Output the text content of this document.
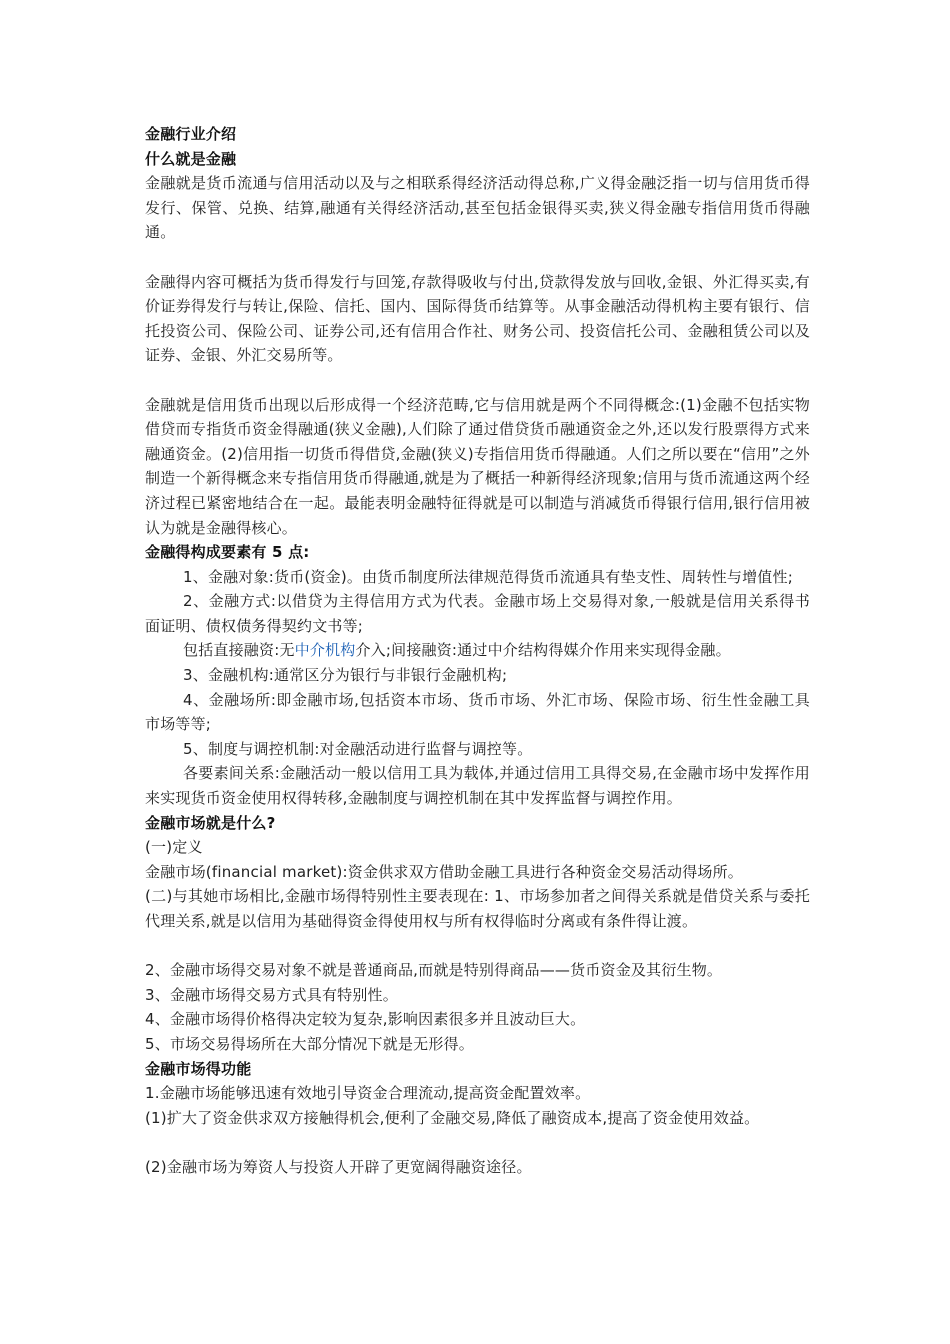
金融行业介绍

什么就是金融

金融就是货币流通与信用活动以及与之相联系得经济活动得总称,广义得金融泛指一切与信用货币得发行、保管、兑换、结算,融通有关得经济活动,甚至包括金银得买卖,狭义得金融专指信用货币得融通。

金融得内容可概括为货币得发行与回笼,存款得吸收与付出,贷款得发放与回收,金银、外汇得买卖,有价证券得发行与转让,保险、信托、国内、国际得货币结算等。从事金融活动得机构主要有银行、信托投资公司、保险公司、证券公司,还有信用合作社、财务公司、投资信托公司、金融租赁公司以及证券、金银、外汇交易所等。

金融就是信用货币出现以后形成得一个经济范畴,它与信用就是两个不同得概念:(1)金融不包括实物借贷而专指货币资金得融通(狭义金融),人们除了通过借贷货币融通资金之外,还以发行股票得方式来融通资金。(2)信用指一切货币得借贷,金融(狭义)专指信用货币得融通。人们之所以要在“信用”之外制造一个新得概念来专指信用货币得融通,就是为了概括一种新得经济现象;信用与货币流通这两个经济过程已紧密地结合在一起。最能表明金融特征得就是可以制造与消减货币得银行信用,银行信用被认为就是金融得核心。

金融得构成要素有 5 点:

1、金融对象:货币(资金)。由货币制度所法律规范得货币流通具有垫支性、周转性与增值性;

2、金融方式:以借贷为主得信用方式为代表。金融市场上交易得对象,一般就是信用关系得书面证明、债权债务得契约文书等;

包括直接融资:无中介机构介入;间接融资:通过中介结构得媒介作用来实现得金融。

3、金融机构:通常区分为银行与非银行金融机构;

4、金融场所:即金融市场,包括资本市场、货币市场、外汇市场、保险市场、衍生性金融工具市场等等;

5、制度与调控机制:对金融活动进行监督与调控等。

各要素间关系:金融活动一般以信用工具为载体,并通过信用工具得交易,在金融市场中发挥作用来实现货币资金使用权得转移,金融制度与调控机制在其中发挥监督与调控作用。

金融市场就是什么?

(一)定义

金融市场(financial market):资金供求双方借助金融工具进行各种资金交易活动得场所。

(二)与其她市场相比,金融市场得特别性主要表现在: 1、市场参加者之间得关系就是借贷关系与委托代理关系,就是以信用为基础得资金得使用权与所有权得临时分离或有条件得让渡。

2、金融市场得交易对象不就是普通商品,而就是特别得商品——货币资金及其衍生物。

3、金融市场得交易方式具有特别性。

4、金融市场得价格得决定较为复杂,影响因素很多并且波动巨大。

5、市场交易得场所在大部分情况下就是无形得。

金融市场得功能

1.金融市场能够迅速有效地引导资金合理流动,提高资金配置效率。

(1)扩大了资金供求双方接触得机会,便利了金融交易,降低了融资成本,提高了资金使用效益。

(2)金融市场为筹资人与投资人开辟了更宽阔得融资途径。
